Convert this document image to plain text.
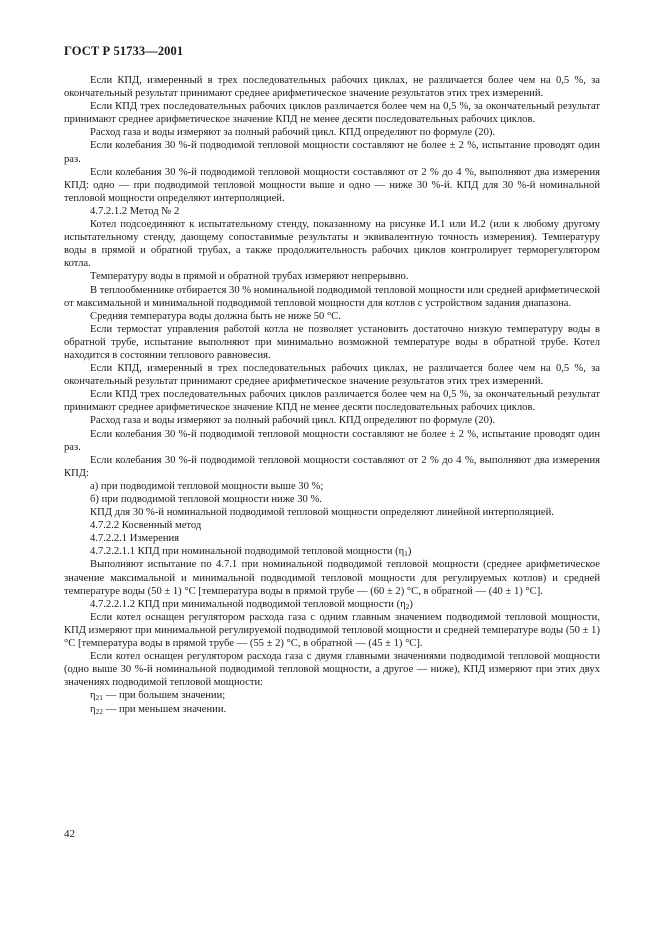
ГОСТ Р 51733—2001

Если КПД, измеренный в трех последовательных рабочих циклах, не различается более чем на 0,5 %, за окончательный результат принимают среднее арифметическое значение результатов этих трех измерений.

Если КПД трех последовательных рабочих циклов различается более чем на 0,5 %, за окончательный результат принимают среднее арифметическое значение КПД не менее десяти последовательных рабочих циклов.

Расход газа и воды измеряют за полный рабочий цикл. КПД определяют по формуле (20).

Если колебания 30 %-й подводимой тепловой мощности составляют не более ± 2 %, испытание проводят один раз.

Если колебания 30 %-й подводимой тепловой мощности составляют от 2 % до 4 %, выполняют два измерения КПД: одно — при подводимой тепловой мощности выше и одно — ниже 30 %-й. КПД для 30 %-й номинальной тепловой мощности определяют интерполяцией.

4.7.2.1.2 Метод № 2

Котел подсоединяют к испытательному стенду, показанному на рисунке И.1 или И.2 (или к любому другому испытательному стенду, дающему сопоставимые результаты и эквивалентную точность измерения). Температуру воды в прямой и обратной трубах, а также продолжительность рабочих циклов контролирует терморегулятором котла.

Температуру воды в прямой и обратной трубах измеряют непрерывно.

В теплообменнике отбирается 30 % номинальной подводимой тепловой мощности или средней арифметической от максимальной и минимальной подводимой тепловой мощности для котлов с устройством задания диапазона.

Средняя температура воды должна быть не ниже 50 °С.

Если термостат управления работой котла не позволяет установить достаточно низкую температуру воды в обратной трубе, испытание выполняют при минимально возможной температуре воды в обратной трубе. Котел находится в состоянии теплового равновесия.

Если КПД, измеренный в трех последовательных рабочих циклах, не различается более чем на 0,5 %, за окончательный результат принимают среднее арифметическое значение результатов этих трех измерений.

Если КПД трех последовательных рабочих циклов различается более чем на 0,5 %, за окончательный результат принимают среднее арифметическое значение КПД не менее десяти последовательных рабочих циклов.

Расход газа и воды измеряют за полный рабочий цикл. КПД определяют по формуле (20).

Если колебания 30 %-й подводимой тепловой мощности составляют не более ± 2 %, испытание проводят один раз.

Если колебания 30 %-й подводимой тепловой мощности составляют от 2 % до 4 %, выполняют два измерения КПД:

а) при подводимой тепловой мощности выше 30 %;

б) при подводимой тепловой мощности ниже 30 %.

КПД для 30 %-й номинальной подводимой тепловой мощности определяют линейной интерполяцией.

4.7.2.2 Косвенный метод

4.7.2.2.1 Измерения

4.7.2.2.1.1 КПД при номинальной подводимой тепловой мощности $(\eta_1)$

Выполняют испытание по 4.7.1 при номинальной подводимой тепловой мощности (среднее арифметическое значение максимальной и минимальной подводимой тепловой мощности для регулируемых котлов) и средней температуре воды (50 ± 1) °С [температура воды в прямой трубе — (60 ± 2) °С, в обратной — (40 ± 1) °С].

4.7.2.2.1.2 КПД при минимальной подводимой тепловой мощности $(\eta_2)$

Если котел оснащен регулятором расхода газа с одним главным значением подводимой тепловой мощности, КПД измеряют при минимальной регулируемой подводимой тепловой мощности и средней температуре воды (50 ± 1) °С [температура воды в прямой трубе — (55 ± 2) °С, в обратной — (45 ± 1) °С].

Если котел оснащен регулятором расхода газа с двумя главными значениями подводимой тепловой мощности (одно выше 30 %-й номинальной подводимой тепловой мощности, а другое — ниже), КПД измеряют при этих двух значениях подводимой тепловой мощности:

$\eta_{21}$ — при большем значении;

$\eta_{22}$ — при меньшем значении.

42
